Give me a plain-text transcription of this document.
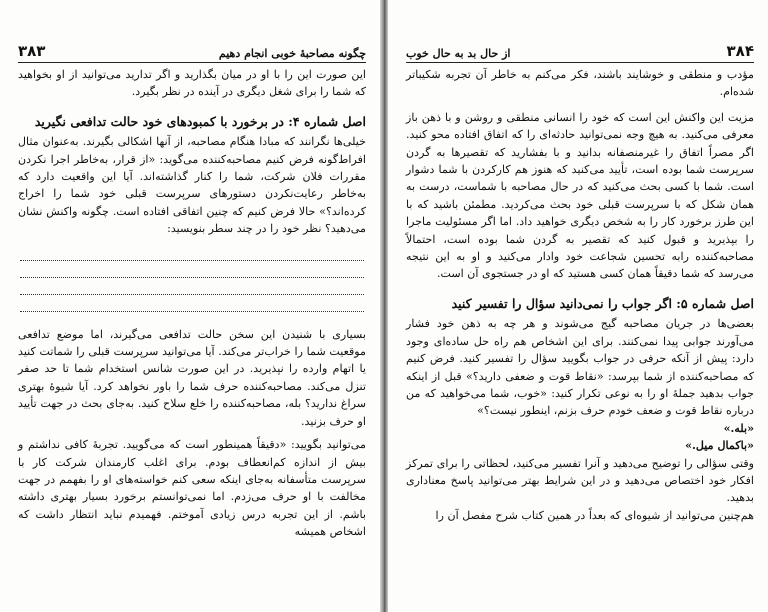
چگونه مصاحبهٔ خوبی انجام دهیم
۳۸۳

این صورت این را با او در میان بگذارید و اگر تدارید می‌توانید از او بخواهید که شما را برای شغل دیگری در آینده در نظر بگیرد.

اصل شماره ۴: در برخورد با کمبودهای خود حالت تدافعی نگیرید

خیلی‌ها نگرانند که مبادا هنگام مصاحبه، از آنها اشکالی بگیرند. به‌عنوان مثال افراط‌گونه فرض کنیم مصاحبه‌کننده می‌گوید: «از قرار، به‌خاطر اجرا نکردن مقررات فلان شرکت، شما را کنار گذاشته‌اند. آیا این واقعیت دارد که به‌خاطر رعایت‌نکردن دستورهای سرپرست قبلی خود شما را اخراج کرده‌اند؟» حالا فرض کنیم که چنین اتفاقی افتاده است. چگونه واکنش نشان می‌دهید؟ نظر خود را در چند سطر بنویسید:

بسیاری با شنیدن این سخن حالت تدافعی می‌گیرند، اما موضع تدافعی موقعیت شما را خراب‌تر می‌کند. آیا می‌توانید سرپرست قبلی را شماتت کنید یا اتهام وارده را نپذیرید. در این صورت شانس استخدام شما تا حد صفر تنزل می‌کند. مصاحبه‌کننده حرف شما را باور نخواهد کرد. آیا شیوهٔ بهتری سراغ ندارید؟ بله، مصاحبه‌کننده را خلع سلاح کنید. به‌جای بحث در جهت تأیید او حرف بزنید.

می‌توانید بگویید: «دقیقاً همینطور است که می‌گویید. تجربهٔ کافی نداشتم و بیش از اندازه کم‌انعطاف بودم. برای اغلب کارمندان شرکت کار با سرپرست متأسفانه به‌جای اینکه سعی کنم خواسته‌های او را بفهمم در جهت مخالفت با او حرف می‌زدم. اما نمی‌توانستم برخورد بسیار بهتری داشته باشم. از این تجربه درس زیادی آموختم. فهمیدم نباید انتظار داشت که اشخاص همیشه

۳۸۴
از حال بد به حال خوب

مؤدب و منطقی و خوشایند باشند، فکر می‌کنم به خاطر آن تجربه شکیباتر شده‌ام.

مزیت این واکنش این است که خود را انسانی منطقی و روشن و با ذهن باز معرفی می‌کنید. به هیچ وجه نمی‌توانید حادثه‌ای را که اتفاق افتاده محو کنید. اگر مصراً اتفاق را غیرمنصفانه بدانید و با بفشارید که تقصیرها به گردن سرپرست شما بوده است، تأیید می‌کنید که هنوز هم کارکردن با شما دشوار است. شما با کسی بحث می‌کنید که در حال مصاحبه با شماست، درست به همان شکل که با سرپرست قبلی خود بحث می‌کردید. مطمئن باشید که با این طرز برخورد کار را به شخص دیگری خواهید داد. اما اگر مسئولیت ماجرا را بپذیرید و قبول کنید که تقصیر به گردن شما بوده است، احتمالاً مصاحبه‌کننده رابه تحسین شجاعت خود وادار می‌کنید و او به این نتیجه می‌رسد که شما دقیقاً همان کسی هستید که او در جستجوی آن است.

اصل شماره ۵: اگر جواب را نمی‌دانید سؤال را تفسیر کنید

بعضی‌ها در جریان مصاحبه گیج می‌شوند و هر چه به ذهن خود فشار می‌آورند جوابی پیدا نمی‌کنند. برای این اشخاص هم راه حل ساده‌ای وجود دارد: پیش از آنکه حرفی در جواب بگویید سؤال را تفسیر کنید. فرض کنیم که مصاحبه‌کننده از شما بپرسد: «نقاط قوت و ضعفی دارید؟» قبل از اینکه جواب بدهید جملهٔ او را به نوعی تکرار کنید: «خوب، شما می‌خواهید که من درباره نقاط قوت و ضعف خودم حرف بزنم، اینطور نیست؟»

«بله.»

«باکمال میل.»

وقتی سؤالی را توضیح می‌دهید و آنرا تفسیر می‌کنید، لحظاتی را برای تمرکز افکار خود اختصاص می‌دهید و در این شرایط بهتر می‌توانید پاسخ معناداری بدهید.

هم‌چنین می‌توانید از شیوه‌ای که بعداً در همین کتاب شرح مفصل آن را
